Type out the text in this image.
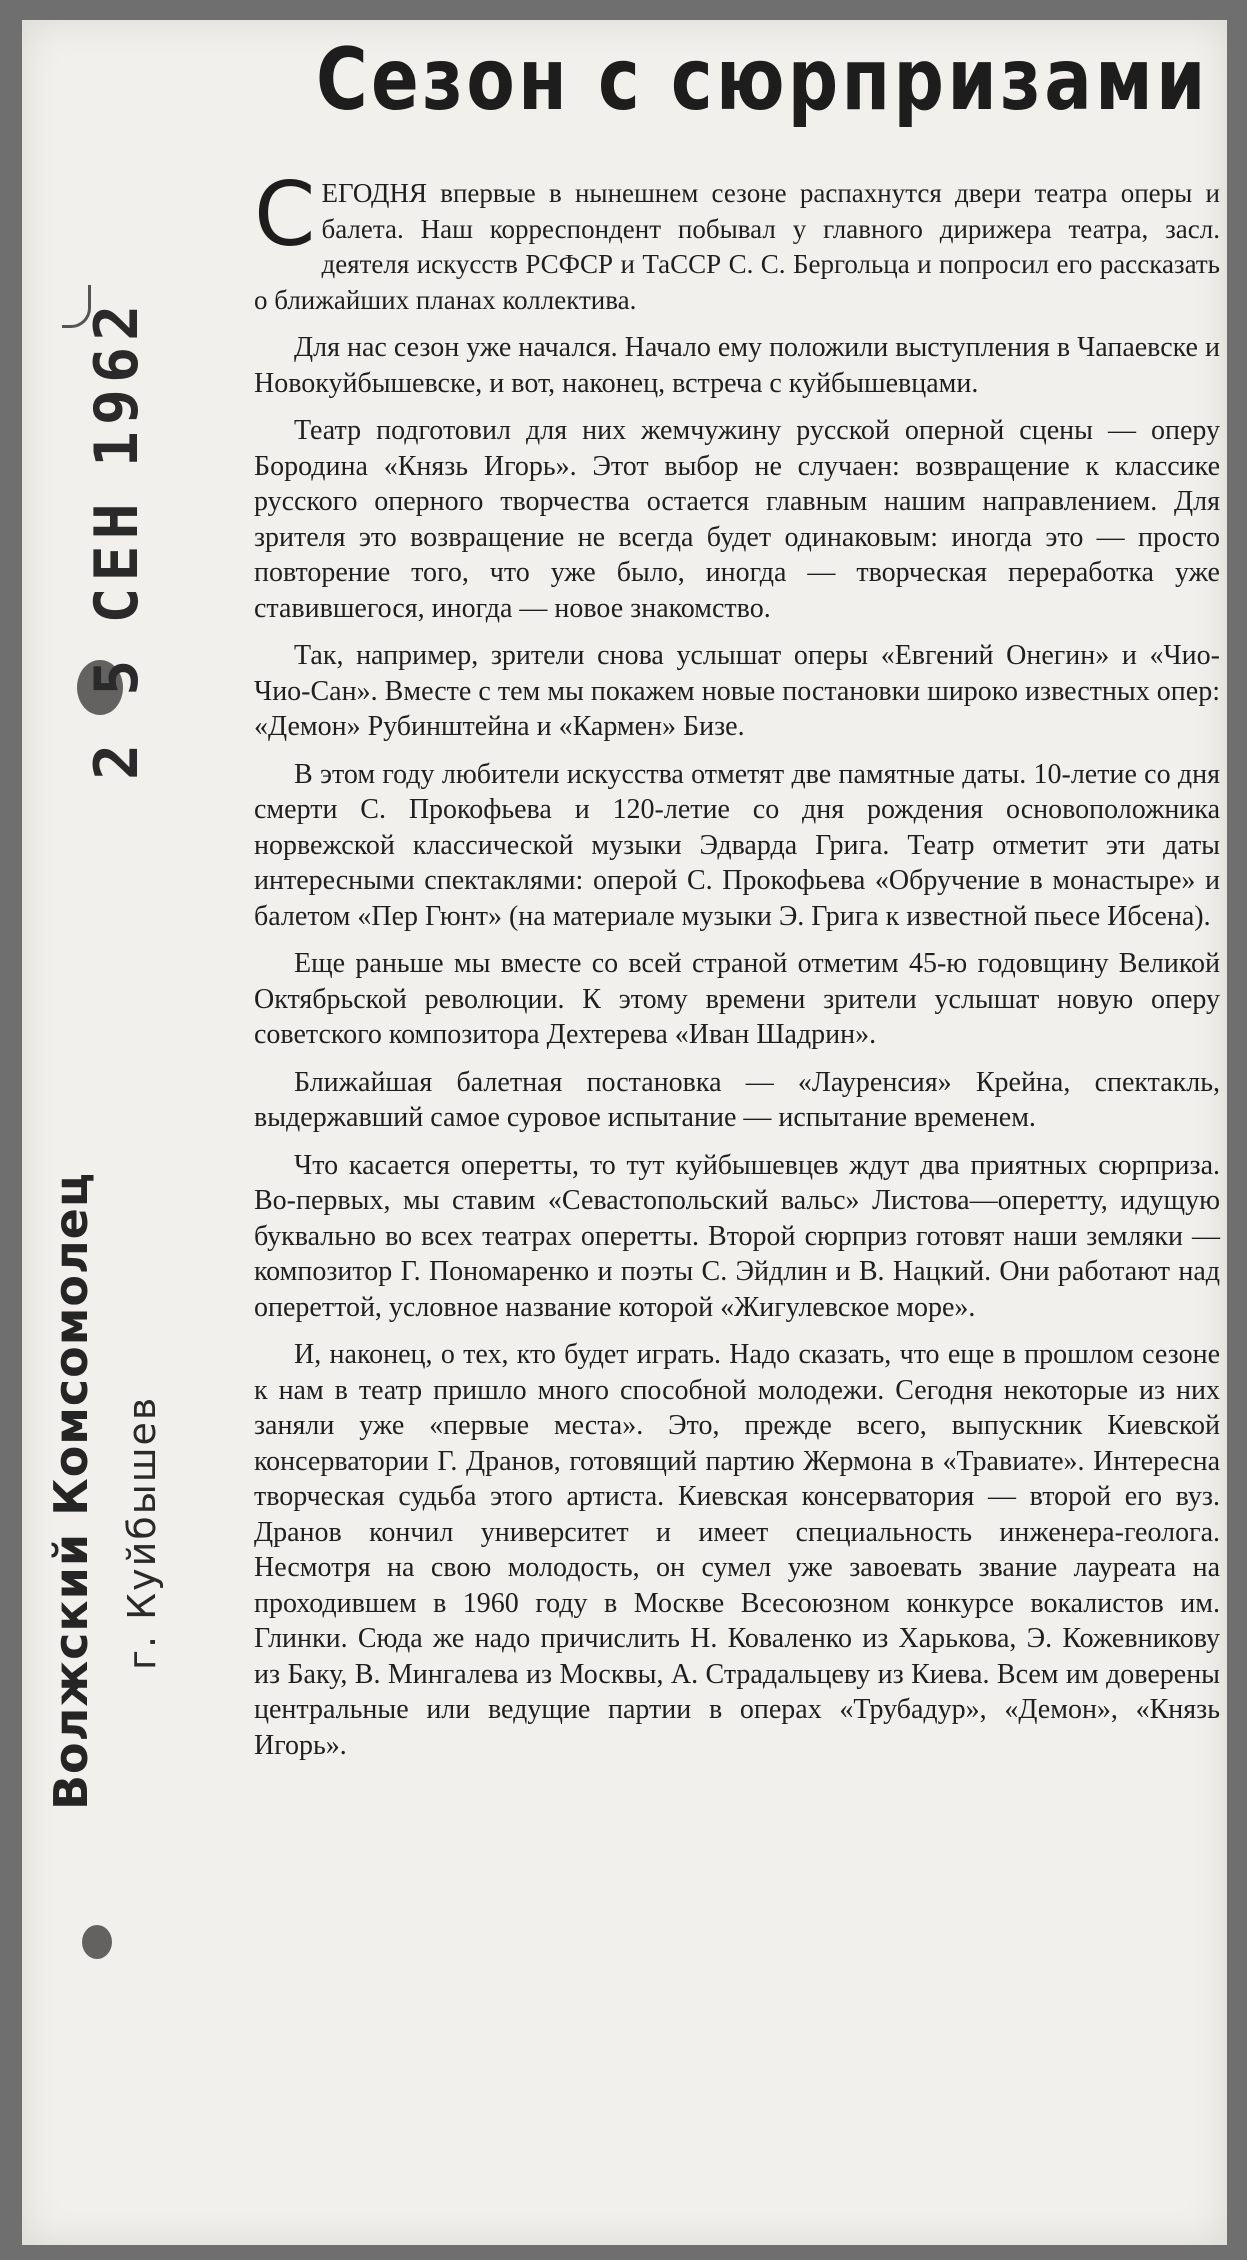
2 5СЕН1962
Волжский Комсомолец г. Куйбышев
Сезон с сюрпризами

СЕГОДНЯ впервые в нынешнем сезоне распахнутся двери театра оперы и балета. Наш корреспондент побывал у главного дирижера театра, засл. деятеля искусств РСФСР и ТаССР С. С. Бергольца и попросил его рассказать о ближайших планах коллектива.

Для нас сезон уже начался. Начало ему положили выступления в Чапаевске и Новокуйбышевске, и вот, наконец, встреча с куйбышевцами.

Театр подготовил для них жемчужину русской оперной сцены — оперу Бородина «Князь Игорь». Этот выбор не случаен: возвращение к классике русского оперного творчества остается главным нашим направлением. Для зрителя это возвращение не всегда будет одинаковым: иногда это — просто повторение того, что уже было, иногда — творческая переработка уже ставившегося, иногда — новое знакомство.

Так, например, зрители снова услышат оперы «Евгений Онегин» и «Чио-Чио-Сан». Вместе с тем мы покажем новые постановки широко известных опер: «Демон» Рубинштейна и «Кармен» Бизе.

В этом году любители искусства отметят две памятные даты. 10-летие со дня смерти С. Прокофьева и 120-летие со дня рождения основоположника норвежской классической музыки Эдварда Грига. Театр отметит эти даты интересными спектаклями: оперой С. Прокофьева «Обручение в монастыре» и балетом «Пер Гюнт» (на материале музыки Э. Грига к известной пьесе Ибсена).

Еще раньше мы вместе со всей страной отметим 45-ю годовщину Великой Октябрьской революции. К этому времени зрители услышат новую оперу советского композитора Дехтерева «Иван Шадрин».

Ближайшая балетная постановка — «Лауренсия» Крейна, спектакль, выдержавший самое суровое испытание — испытание временем.

Что касается оперетты, то тут куйбышевцев ждут два приятных сюрприза. Во-первых, мы ставим «Севастопольский вальс» Листова—оперетту, идущую буквально во всех театрах оперетты. Второй сюрприз готовят наши земляки — композитор Г. Пономаренко и поэты С. Эйдлин и В. Нацкий. Они работают над опереттой, условное название которой «Жигулевское море».

И, наконец, о тех, кто будет играть. Надо сказать, что еще в прошлом сезоне к нам в театр пришло много способной молодежи. Сегодня некоторые из них заняли уже «первые места». Это, прежде всего, выпускник Киевской консерватории Г. Дранов, готовящий партию Жермона в «Травиате». Интересна творческая судьба этого артиста. Киевская консерватория — второй его вуз. Дранов кончил университет и имеет специальность инженера-геолога. Несмотря на свою молодость, он сумел уже завоевать звание лауреата на проходившем в 1960 году в Москве Всесоюзном конкурсе вокалистов им. Глинки. Сюда же надо причислить Н. Коваленко из Харькова, Э. Кожевникову из Баку, В. Мингалева из Москвы, А. Страдальцеву из Киева. Всем им доверены центральные или ведущие партии в операх «Трубадур», «Демон», «Князь Игорь».
